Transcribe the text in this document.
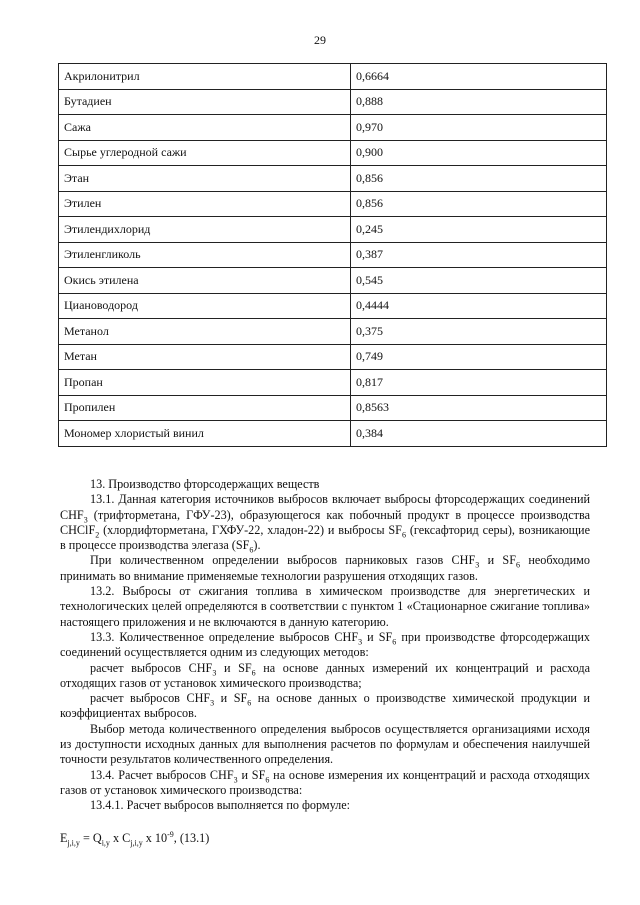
29
Акрилонитрил	0,6664
Бутадиен	0,888
Сажа	0,970
Сырье углеродной сажи	0,900
Этан	0,856
Этилен	0,856
Этилендихлорид	0,245
Этиленгликоль	0,387
Окись этилена	0,545
Циановодород	0,4444
Метанол	0,375
Метан	0,749
Пропан	0,817
Пропилен	0,8563
Мономер хлористый винил	0,384

13. Производство фторсодержащих веществ

13.1. Данная категория источников выбросов включает выбросы фторсодержащих соединений $CHF_3$ (трифторметана, ГФУ-23), образующегося как побочный продукт в процессе производства CHClF$_2$ (хлордифторметана, ГХФУ-22, хладон-22) и выбросы $SF_6$ (гексафторид серы), возникающие в процессе производства элегаза $(SF_6)$.

При количественном определении выбросов парниковых газов $CHF_3$ и $SF_6$ необходимо принимать во внимание применяемые технологии разрушения отходящих газов.

13.2. Выбросы от сжигания топлива в химическом производстве для энергетических и технологических целей определяются в соответствии с пунктом 1 «Стационарное сжигание топлива» настоящего приложения и не включаются в данную категорию.

13.3. Количественное определение выбросов $CHF_3$ и $SF_6$ при производстве фторсодержащих соединений осуществляется одним из следующих методов:

расчет выбросов $CHF_3$ и $SF_6$ на основе данных измерений их концентраций и расхода отходящих газов от установок химического производства;

расчет выбросов $CHF_3$ и $SF_6$ на основе данных о производстве химической продукции и коэффициентах выбросов.

Выбор метода количественного определения выбросов осуществляется организациями исходя из доступности исходных данных для выполнения расчетов по формулам и обеспечения наилучшей точности результатов количественного определения.

13.4. Расчет выбросов $CHF_3$ и $SF_6$ на основе измерения их концентраций и расхода отходящих газов от установок химического производства:

13.4.1. Расчет выбросов выполняется по формуле:

$E_{j,i,y} = Q_{i,y}$ x $C_{j,i,y}$ x $10^{-9}$, (13.1)
